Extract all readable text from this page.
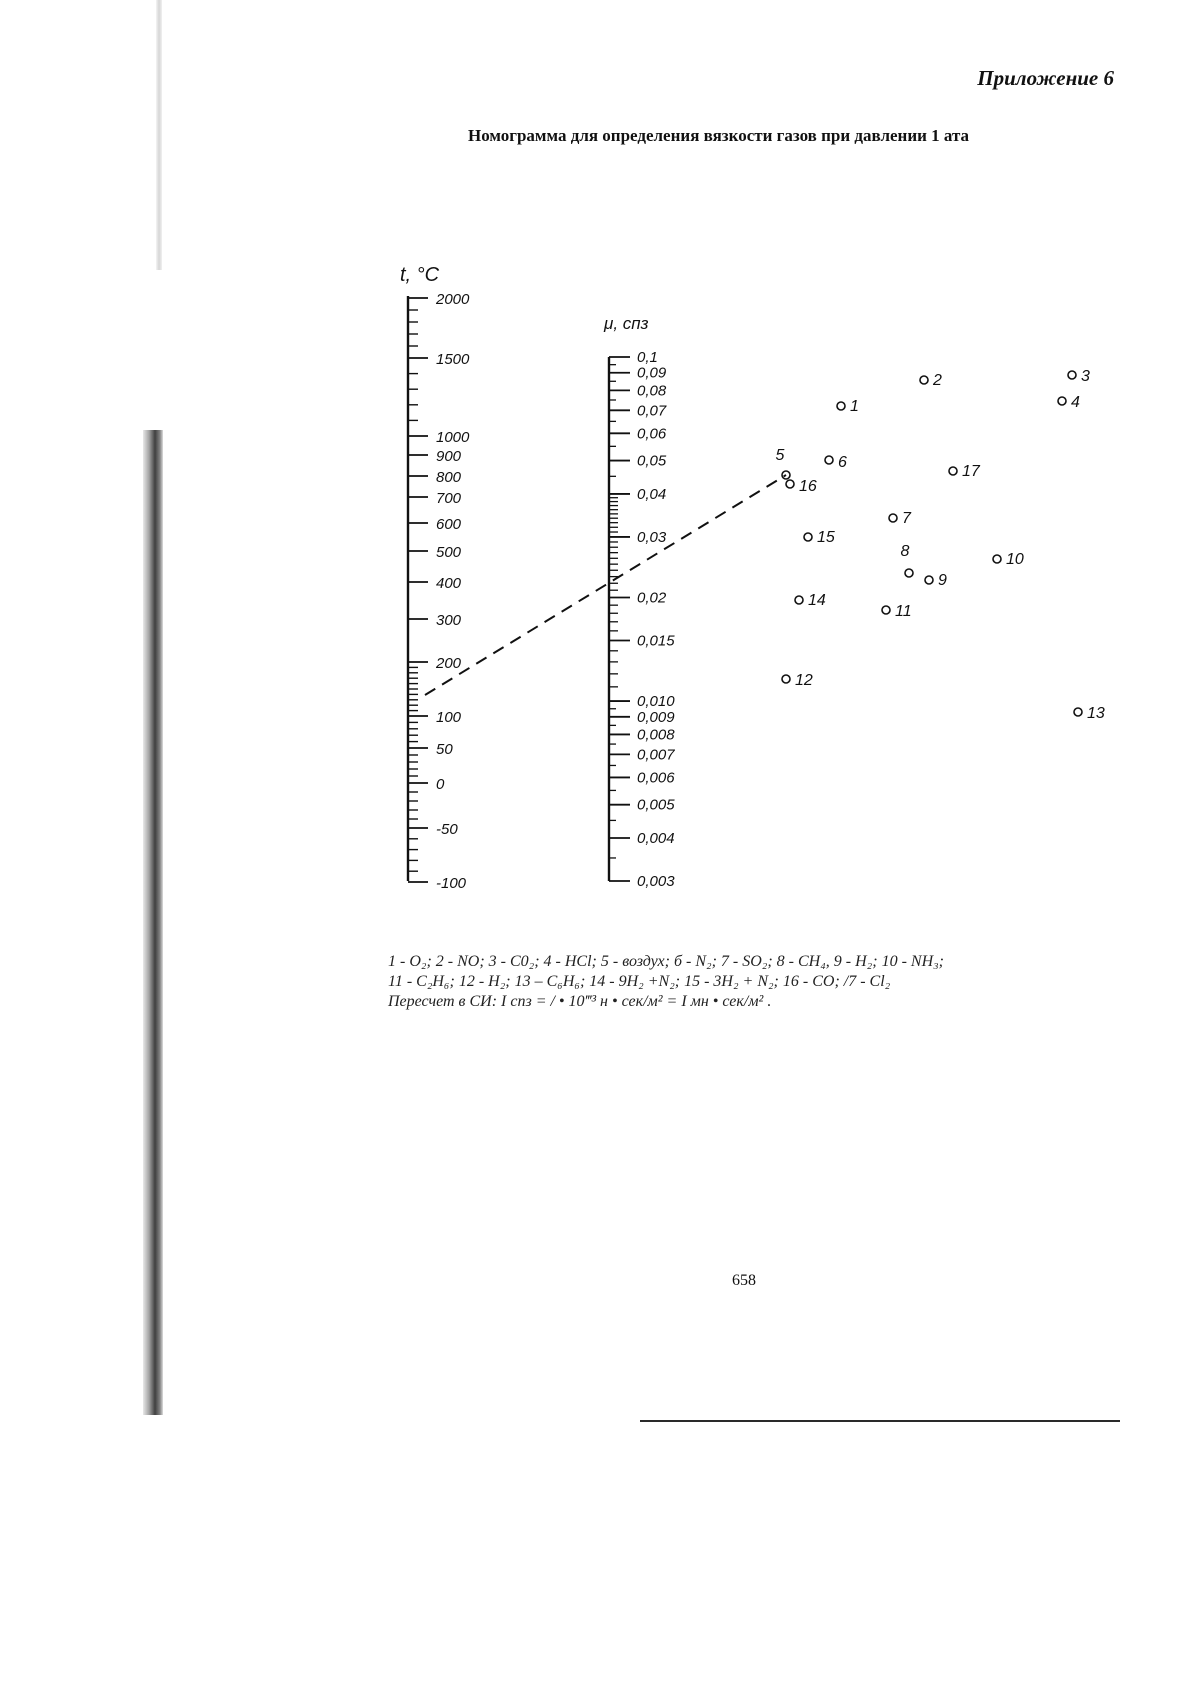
Приложение 6
Номограмма для определения вязкости газов при давлении 1 ата
t, °C
μ, спз
2000
1500
1000
900
800
700
600
500
400
300
200
100
50
0
-50
-100
0,1
0,09
0,08
0,07
0,06
0,05
0,04
0,03
0,02
0,015
0,010
0,009
0,008
0,007
0,006
0,005
0,004
0,003
1
2	3
4
5	6
7
8
9
10
11
12
13
14
15
16
17
1 - O₂; 2 - NO; 3 - C0₂; 4 - HCl; 5 - воздух; б - N₂; 7 - SO₂; 8 - CH₄, 9 - H₂; 10 - NH₃;
11 - C₂H₆; 12 - H₂; 13 – C₆H₆; 14 - 9H₂ +N₂; 15 - 3H₂ + N₂; 16 - CO; /7 - Cl₂
Пересчет в СИ: I спз = / • 10‴³ н • сек/м² = I мн • сек/м² .
658
